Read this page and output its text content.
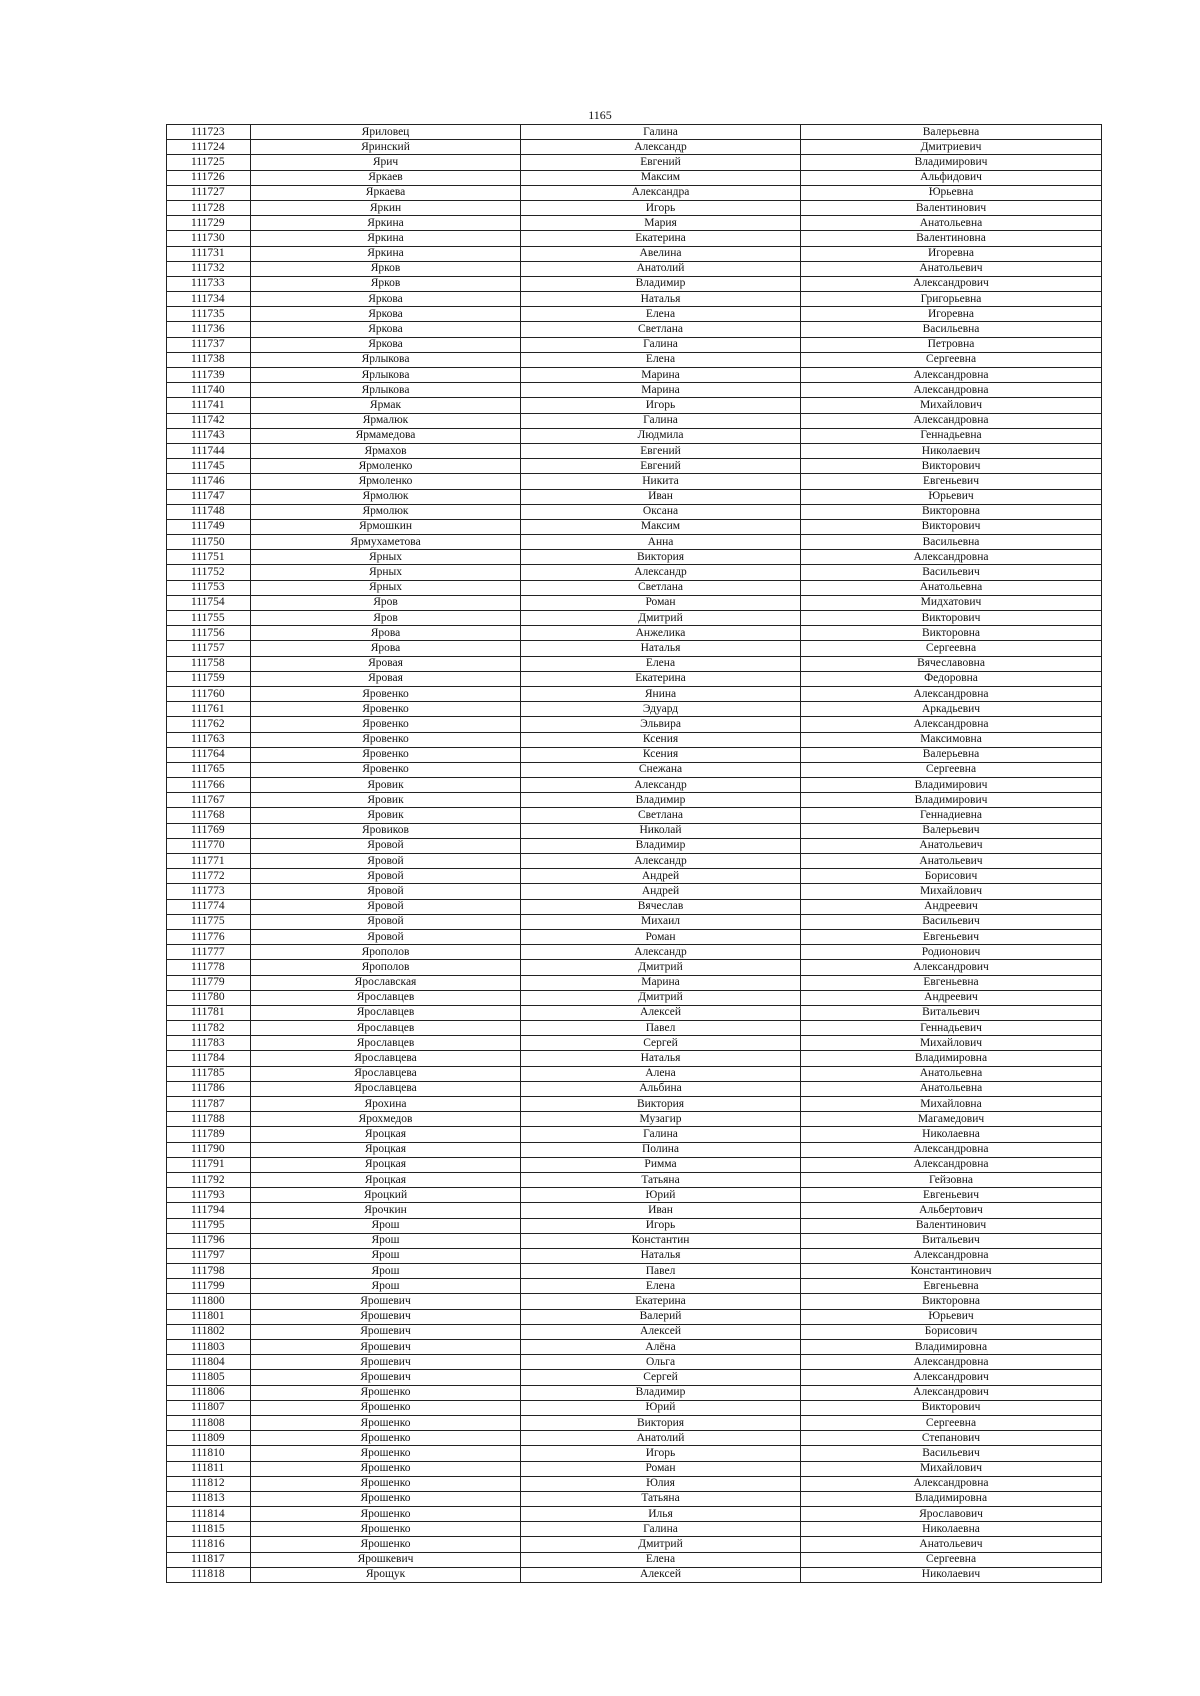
1165
111723	Яриловец	Галина	Валерьевна
111724	Яринский	Александр	Дмитриевич
111725	Ярич	Евгений	Владимирович
111726	Яркаев	Максим	Альфидович
111727	Яркаева	Александра	Юрьевна
111728	Яркин	Игорь	Валентинович
111729	Яркина	Мария	Анатольевна
111730	Яркина	Екатерина	Валентиновна
111731	Яркина	Авелина	Игоревна
111732	Ярков	Анатолий	Анатольевич
111733	Ярков	Владимир	Александрович
111734	Яркова	Наталья	Григорьевна
111735	Яркова	Елена	Игоревна
111736	Яркова	Светлана	Васильевна
111737	Яркова	Галина	Петровна
111738	Ярлыкова	Елена	Сергеевна
111739	Ярлыкова	Марина	Александровна
111740	Ярлыкова	Марина	Александровна
111741	Ярмак	Игорь	Михайлович
111742	Ярмалюк	Галина	Александровна
111743	Ярмамедова	Людмила	Геннадьевна
111744	Ярмахов	Евгений	Николаевич
111745	Ярмоленко	Евгений	Викторович
111746	Ярмоленко	Никита	Евгеньевич
111747	Ярмолюк	Иван	Юрьевич
111748	Ярмолюк	Оксана	Викторовна
111749	Ярмошкин	Максим	Викторович
111750	Ярмухаметова	Анна	Васильевна
111751	Ярных	Виктория	Александровна
111752	Ярных	Александр	Васильевич
111753	Ярных	Светлана	Анатольевна
111754	Яров	Роман	Мидхатович
111755	Яров	Дмитрий	Викторович
111756	Ярова	Анжелика	Викторовна
111757	Ярова	Наталья	Сергеевна
111758	Яровая	Елена	Вячеславовна
111759	Яровая	Екатерина	Федоровна
111760	Яровенко	Янина	Александровна
111761	Яровенко	Эдуард	Аркадьевич
111762	Яровенко	Эльвира	Александровна
111763	Яровенко	Ксения	Максимовна
111764	Яровенко	Ксения	Валерьевна
111765	Яровенко	Снежана	Сергеевна
111766	Яровик	Александр	Владимирович
111767	Яровик	Владимир	Владимирович
111768	Яровик	Светлана	Геннадиевна
111769	Яровиков	Николай	Валерьевич
111770	Яровой	Владимир	Анатольевич
111771	Яровой	Александр	Анатольевич
111772	Яровой	Андрей	Борисович
111773	Яровой	Андрей	Михайлович
111774	Яровой	Вячеслав	Андреевич
111775	Яровой	Михаил	Васильевич
111776	Яровой	Роман	Евгеньевич
111777	Ярополов	Александр	Родионович
111778	Ярополов	Дмитрий	Александрович
111779	Ярославская	Марина	Евгеньевна
111780	Ярославцев	Дмитрий	Андреевич
111781	Ярославцев	Алексей	Витальевич
111782	Ярославцев	Павел	Геннадьевич
111783	Ярославцев	Сергей	Михайлович
111784	Ярославцева	Наталья	Владимировна
111785	Ярославцева	Алена	Анатольевна
111786	Ярославцева	Альбина	Анатольевна
111787	Ярохина	Виктория	Михайловна
111788	Ярохмедов	Музагир	Магамедович
111789	Яроцкая	Галина	Николаевна
111790	Яроцкая	Полина	Александровна
111791	Яроцкая	Римма	Александровна
111792	Яроцкая	Татьяна	Гейзовна
111793	Яроцкий	Юрий	Евгеньевич
111794	Ярочкин	Иван	Альбертович
111795	Ярош	Игорь	Валентинович
111796	Ярош	Константин	Витальевич
111797	Ярош	Наталья	Александровна
111798	Ярош	Павел	Константинович
111799	Ярош	Елена	Евгеньевна
111800	Ярошевич	Екатерина	Викторовна
111801	Ярошевич	Валерий	Юрьевич
111802	Ярошевич	Алексей	Борисович
111803	Ярошевич	Алёна	Владимировна
111804	Ярошевич	Ольга	Александровна
111805	Ярошевич	Сергей	Александрович
111806	Ярошенко	Владимир	Александрович
111807	Ярошенко	Юрий	Викторович
111808	Ярошенко	Виктория	Сергеевна
111809	Ярошенко	Анатолий	Степанович
111810	Ярошенко	Игорь	Васильевич
111811	Ярошенко	Роман	Михайлович
111812	Ярошенко	Юлия	Александровна
111813	Ярошенко	Татьяна	Владимировна
111814	Ярошенко	Илья	Ярославович
111815	Ярошенко	Галина	Николаевна
111816	Ярошенко	Дмитрий	Анатольевич
111817	Ярошкевич	Елена	Сергеевна
111818	Ярощук	Алексей	Николаевич
